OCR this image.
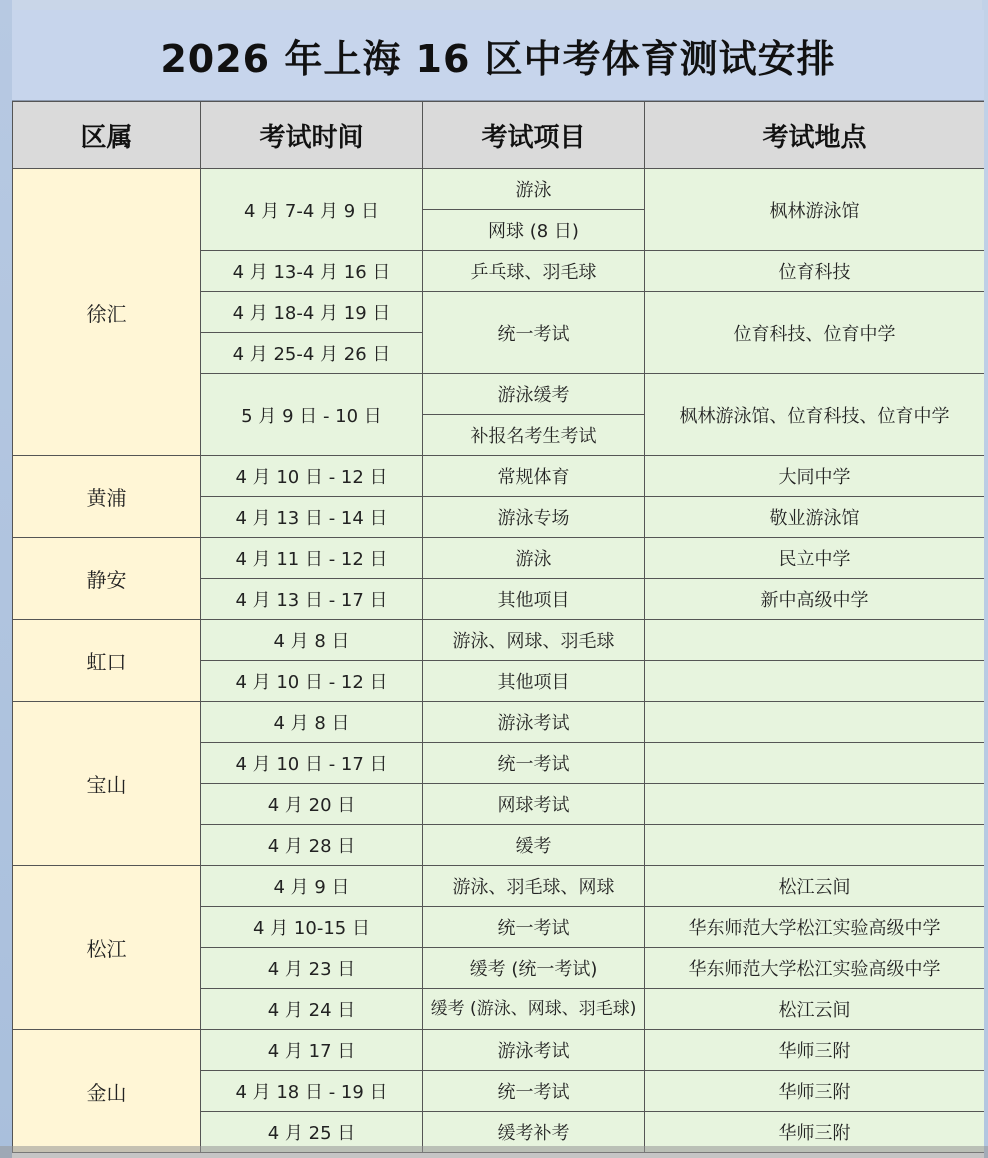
2026 年上海 16 区中考体育测试安排
区属	考试时间	考试项目	考试地点
徐汇	4 月 7-4 月 9 日	游泳	枫林游泳馆
		网球 (8 日)	
	4 月 13-4 月 16 日	乒乓球、羽毛球	位育科技
	4 月 18-4 月 19 日	统一考试	位育科技、位育中学
	4 月 25-4 月 26 日		
	5 月 9 日 - 10 日	游泳缓考	枫林游泳馆、位育科技、位育中学
		补报名考生考试	
黄浦	4 月 10 日 - 12 日	常规体育	大同中学
	4 月 13 日 - 14 日	游泳专场	敬业游泳馆
静安	4 月 11 日 - 12 日	游泳	民立中学
	4 月 13 日 - 17 日	其他项目	新中高级中学
虹口	4 月 8 日	游泳、网球、羽毛球	
	4 月 10 日 - 12 日	其他项目	
宝山	4 月 8 日	游泳考试	
	4 月 10 日 - 17 日	统一考试	
	4 月 20 日	网球考试	
	4 月 28 日	缓考	
松江	4 月 9 日	游泳、羽毛球、网球	松江云间
	4 月 10-15 日	统一考试	华东师范大学松江实验高级中学
	4 月 23 日	缓考 (统一考试)	华东师范大学松江实验高级中学
	4 月 24 日	缓考 (游泳、网球、羽毛球)	松江云间
金山	4 月 17 日	游泳考试	华师三附
	4 月 18 日 - 19 日	统一考试	华师三附
	4 月 25 日	缓考补考	华师三附
